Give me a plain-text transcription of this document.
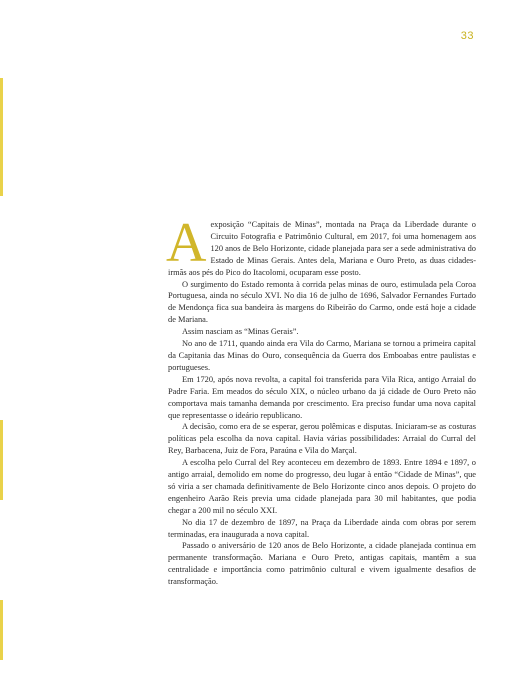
33

A exposição “Capitais de Minas”, montada na Praça da Liberdade durante o Circuito Fotografia e Patrimônio Cultural, em 2017, foi uma homenagem aos 120 anos de Belo Horizonte, cidade planejada para ser a sede administrativa do Estado de Minas Gerais. Antes dela, Mariana e Ouro Preto, as duas cidades-irmãs aos pés do Pico do Itacolomi, ocuparam esse posto.

O surgimento do Estado remonta à corrida pelas minas de ouro, estimulada pela Coroa Portuguesa, ainda no século XVI. No dia 16 de julho de 1696, Salvador Fernandes Furtado de Mendonça fica sua bandeira às margens do Ribeirão do Carmo, onde está hoje a cidade de Mariana.

Assim nasciam as “Minas Gerais”.

No ano de 1711, quando ainda era Vila do Carmo, Mariana se tornou a primeira capital da Capitania das Minas do Ouro, consequência da Guerra dos Emboabas entre paulistas e portugueses.

Em 1720, após nova revolta, a capital foi transferida para Vila Rica, antigo Arraial do Padre Faria. Em meados do século XIX, o núcleo urbano da já cidade de Ouro Preto não comportava mais tamanha demanda por crescimento. Era preciso fundar uma nova capital que representasse o ideário republicano.

A decisão, como era de se esperar, gerou polêmicas e disputas. Iniciaram-se as costuras políticas pela escolha da nova capital. Havia várias possibilidades: Arraial do Curral del Rey, Barbacena, Juiz de Fora, Paraúna e Vila do Marçal.

A escolha pelo Curral del Rey aconteceu em dezembro de 1893. Entre 1894 e 1897, o antigo arraial, demolido em nome do progresso, deu lugar à então “Cidade de Minas”, que só viria a ser chamada definitivamente de Belo Horizonte cinco anos depois. O projeto do engenheiro Aarão Reis previa uma cidade planejada para 30 mil habitantes, que podia chegar a 200 mil no século XXI.

No dia 17 de dezembro de 1897, na Praça da Liberdade ainda com obras por serem terminadas, era inaugurada a nova capital.

Passado o aniversário de 120 anos de Belo Horizonte, a cidade planejada continua em permanente transformação. Mariana e Ouro Preto, antigas capitais, mantêm a sua centralidade e importância como patrimônio cultural e vivem igualmente desafios de transformação.
